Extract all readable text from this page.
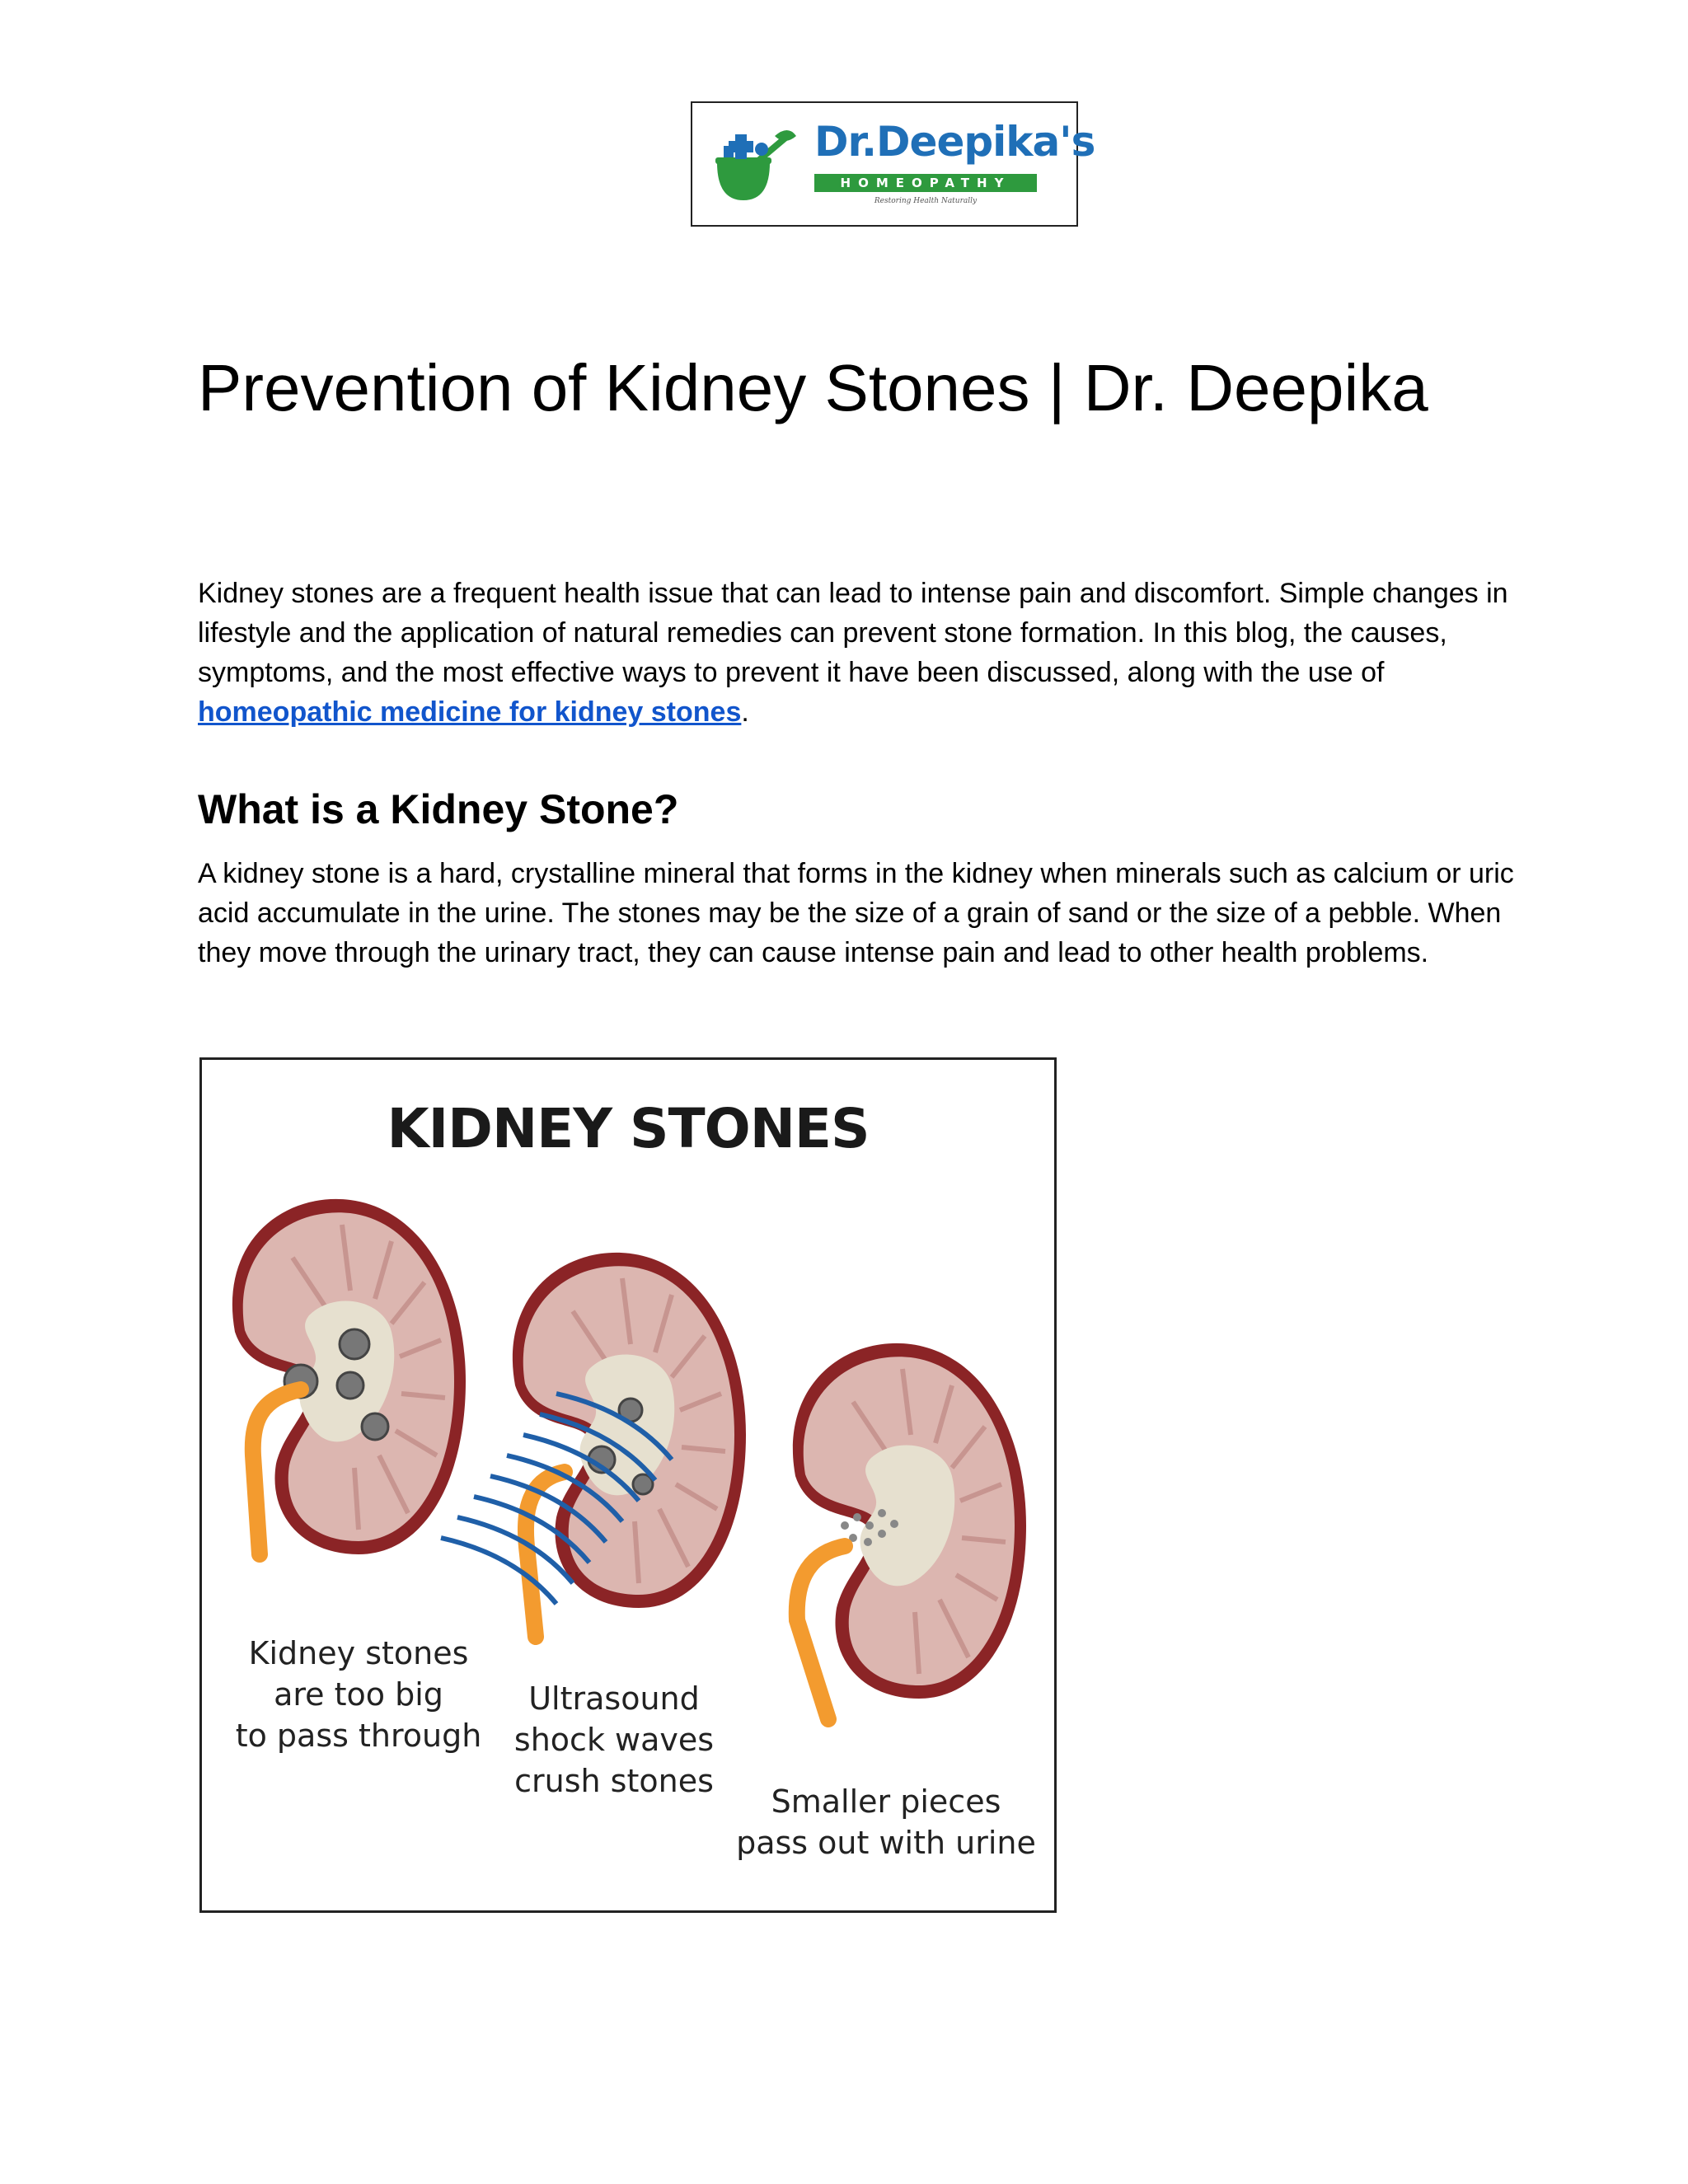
Dr.Deepika's
HOMEOPATHY
Restoring Health Naturally
Prevention of Kidney Stones | Dr. Deepika

Kidney stones are a frequent health issue that can lead to intense pain and discomfort. Simple changes in lifestyle and the application of natural remedies can prevent stone formation. In this blog, the causes, symptoms, and the most effective ways to prevent it have been discussed, along with the use of homeopathic medicine for kidney stones.

What is a Kidney Stone?

A kidney stone is a hard, crystalline mineral that forms in the kidney when minerals such as calcium or uric acid accumulate in the urine. The stones may be the size of a grain of sand or the size of a pebble. When they move through the urinary tract, they can cause intense pain and lead to other health problems.

KIDNEY STONES
Kidney stones
are too big
to pass through
Ultrasound
shock waves
crush stones
Smaller pieces
pass out with urine
